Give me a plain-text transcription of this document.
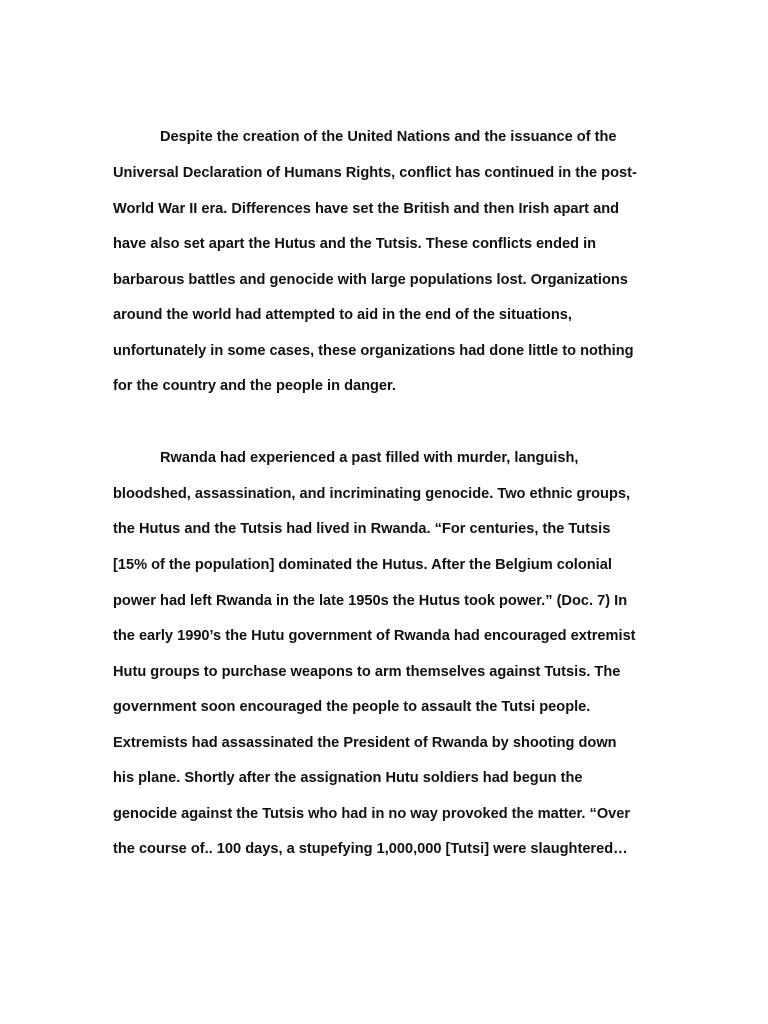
Despite the creation of the United Nations and the issuance of the

Universal Declaration of Humans Rights, conflict has continued in the post-

World War II era. Differences have set the British and then Irish apart and

have also set apart the Hutus and the Tutsis. These conflicts ended in

barbarous battles and genocide with large populations lost. Organizations

around the world had attempted to aid in the end of the situations,

unfortunately in some cases, these organizations had done little to nothing

for the country and the people in danger.

Rwanda had experienced a past filled with murder, languish,

bloodshed, assassination, and incriminating genocide. Two ethnic groups,

the Hutus and the Tutsis had lived in Rwanda. “For centuries, the Tutsis

[15% of the population] dominated the Hutus. After the Belgium colonial

power had left Rwanda in the late 1950s the Hutus took power.” (Doc. 7) In

the early 1990’s the Hutu government of Rwanda had encouraged extremist

Hutu groups to purchase weapons to arm themselves against Tutsis. The

government soon encouraged the people to assault the Tutsi people.

Extremists had assassinated the President of Rwanda by shooting down

his plane. Shortly after the assignation Hutu soldiers had begun the

genocide against the Tutsis who had in no way provoked the matter. “Over

the course of.. 100 days, a stupefying 1,000,000 [Tutsi] were slaughtered…
